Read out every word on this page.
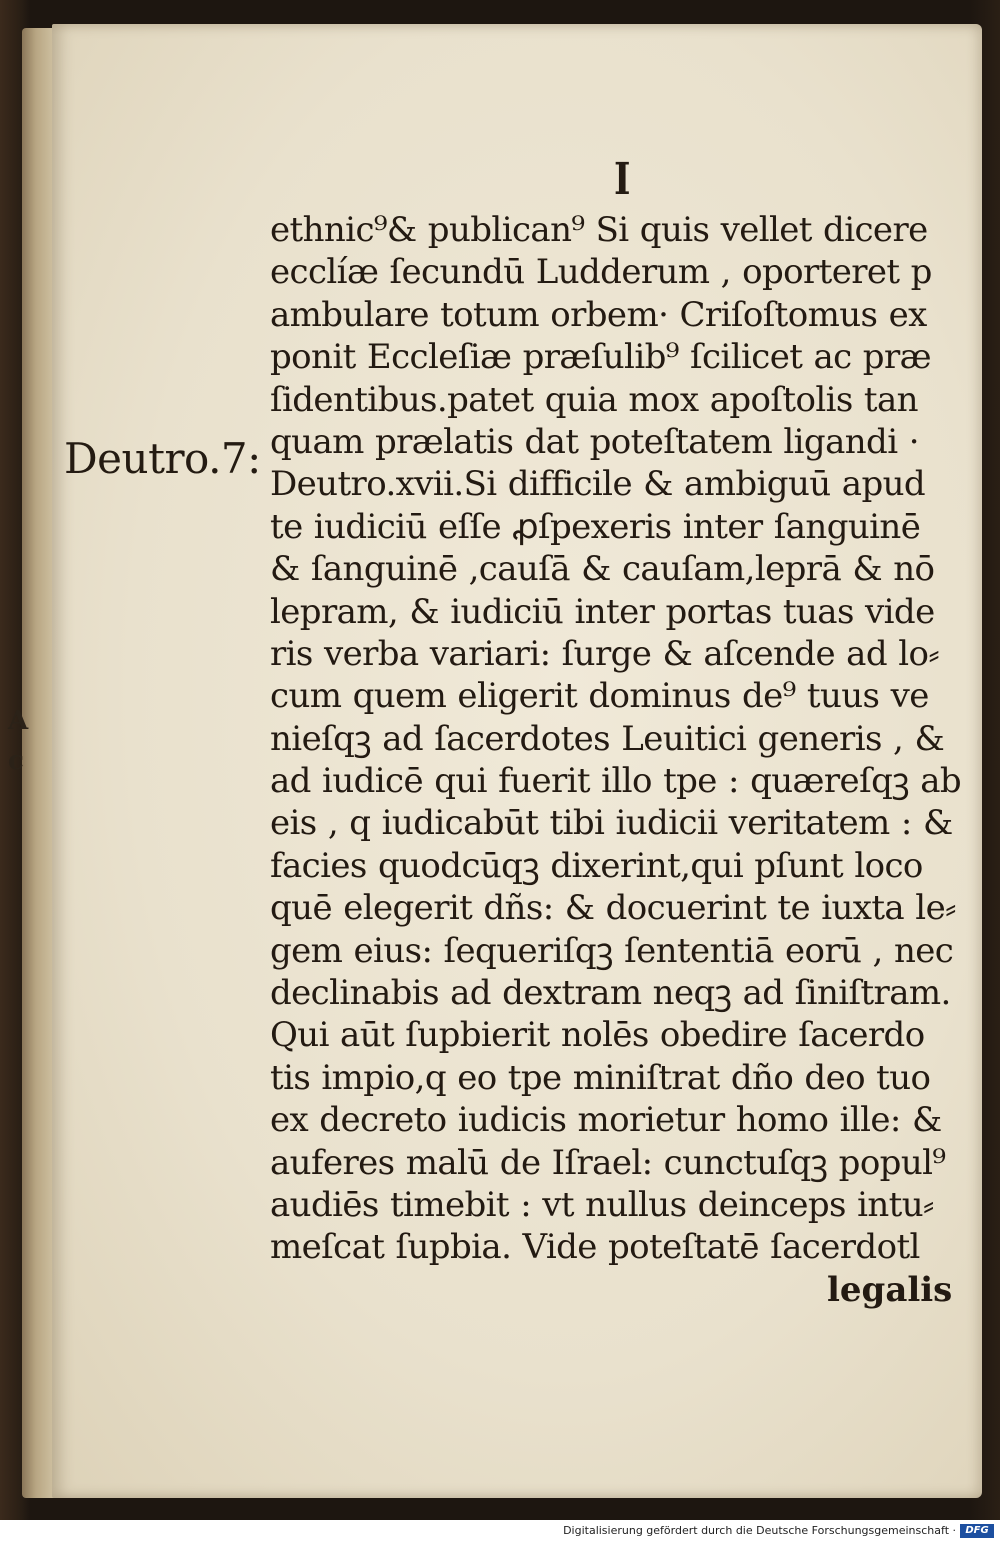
I
Deutro.7:
ethnic⁹& publican⁹ Si quis vellet dicere
ecclíæ ſecundū Ludderum , oporteret p
ambulare totum orbem· Criſoſtomus ex
ponit Eccleſiæ præſulib⁹ ſcilicet ac præ
ſidentibus.patet quia mox apoſtolis tan
quam prælatis dat poteſtatem ligandi ·
Deutro.xvii.Si difficile & ambiguū apud
te iudiciū eſſe ꝓſpexeris inter ſanguinē
& ſanguinē ,cauſā & cauſam,leprā & nō
lepram, & iudiciū inter portas tuas vide
ris verba variari: ſurge & aſcende ad lo⸗
cum quem eligerit dominus de⁹ tuus ve
nieſqꝫ ad ſacerdotes Leuitici generis , &
ad iudicē qui fuerit illo tpe : quæreſqꝫ ab
eis , q iudicabūt tibi iudicii veritatem : &
facies quodcūqꝫ dixerint,qui pſunt loco
quē elegerit dñs: & docuerint te iuxta le⸗
gem eius: ſequeriſqꝫ ſententiā eorū , nec
declinabis ad dextram neqꝫ ad ſiniſtram.
Qui aūt ſupbierit nolēs obedire ſacerdo
tis impio,q eo tpe miniſtrat dño deo tuo
ex decreto iudicis morietur homo ille: &
auferes malū de Iſrael: cunctuſqꝫ popul⁹
audiēs timebit : vt nullus deinceps intu⸗
meſcat ſupbia. Vide poteſtatē ſacerdotl
legalis
A
c
Digitalisierung gefördert durch die Deutsche Forschungsgemeinschaft · DFG
